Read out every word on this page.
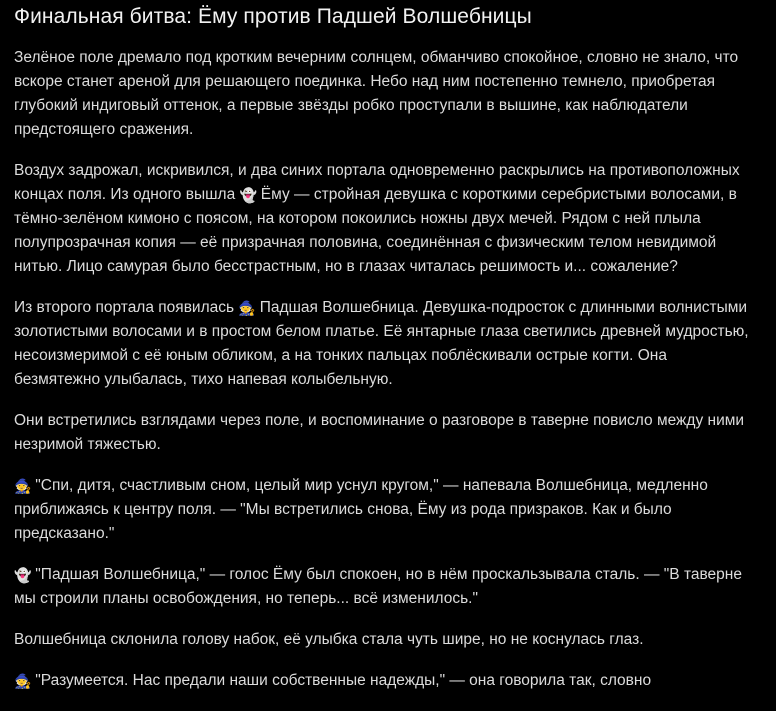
Финальная битва: Ёму против Падшей Волшебницы

Зелёное поле дремало под кротким вечерним солнцем, обманчиво спокойное, словно не знало, что вскоре станет ареной для решающего поединка. Небо над ним постепенно темнело, приобретая глубокий индиговый оттенок, а первые звёзды робко проступали в вышине, как наблюдатели предстоящего сражения.

Воздух задрожал, искривился, и два синих портала одновременно раскрылись на противоположных концах поля. Из одного вышла 👻 Ёму — стройная девушка с короткими серебристыми волосами, в тёмно-зелёном кимоно с поясом, на котором покоились ножны двух мечей. Рядом с ней плыла полупрозрачная копия — её призрачная половина, соединённая с физическим телом невидимой нитью. Лицо самурая было бесстрастным, но в глазах читалась решимость и... сожаление?

Из второго портала появилась 🧙 Падшая Волшебница. Девушка-подросток с длинными волнистыми золотистыми волосами и в простом белом платье. Её янтарные глаза светились древней мудростью, несоизмеримой с её юным обликом, а на тонких пальцах поблёскивали острые когти. Она безмятежно улыбалась, тихо напевая колыбельную.

Они встретились взглядами через поле, и воспоминание о разговоре в таверне повисло между ними незримой тяжестью.

🧙 "Спи, дитя, счастливым сном, целый мир уснул кругом," — напевала Волшебница, медленно приближаясь к центру поля. — "Мы встретились снова, Ёму из рода призраков. Как и было предсказано."

👻 "Падшая Волшебница," — голос Ёму был спокоен, но в нём проскальзывала сталь. — "В таверне мы строили планы освобождения, но теперь... всё изменилось."

Волшебница склонила голову набок, её улыбка стала чуть шире, но не коснулась глаз.

🧙 "Разумеется. Нас предали наши собственные надежды," — она говорила так, словно
